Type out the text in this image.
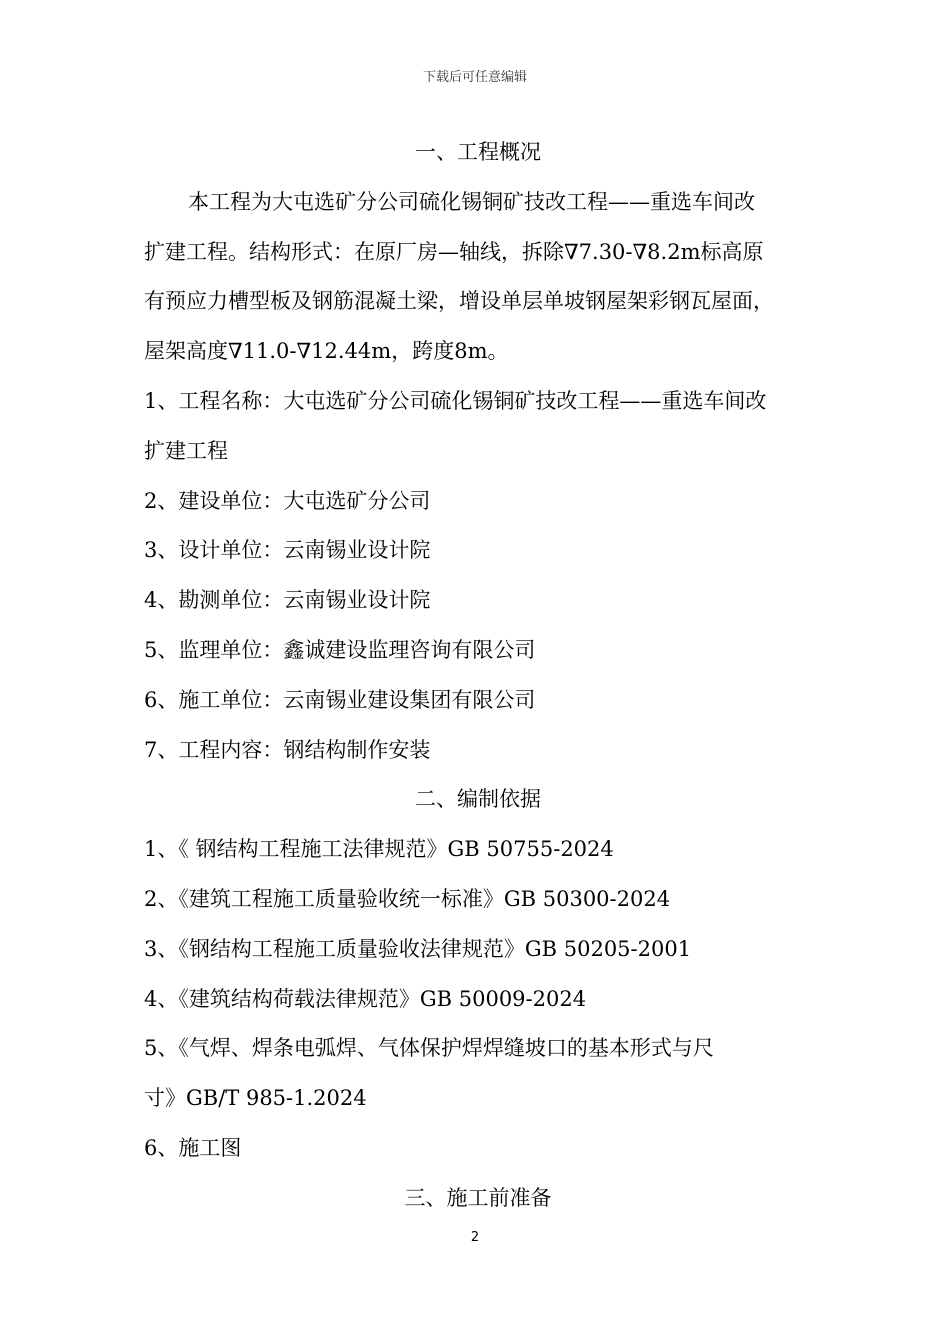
下载后可任意编辑
一、工程概况
本工程为大屯选矿分公司硫化锡铜矿技改工程——重选车间改
扩建工程。结构形式：在原厂房—轴线，拆除∇7.30-∇8.2m标高原
有预应力槽型板及钢筋混凝土梁，增设单层单坡钢屋架彩钢瓦屋面，
屋架高度∇11.0-∇12.44m，跨度8m。
1、工程名称：大屯选矿分公司硫化锡铜矿技改工程——重选车间改
扩建工程
2、建设单位：大屯选矿分公司
3、设计单位：云南锡业设计院
4、勘测单位：云南锡业设计院
5、监理单位：鑫诚建设监理咨询有限公司
6、施工单位：云南锡业建设集团有限公司
7、工程内容：钢结构制作安装
二、编制依据
1、《 钢结构工程施工法律规范》GB 50755-2024
2、《建筑工程施工质量验收统一标准》GB 50300-2024
3、《钢结构工程施工质量验收法律规范》GB 50205-2001
4、《建筑结构荷载法律规范》GB 50009-2024
5、《气焊、焊条电弧焊、气体保护焊焊缝坡口的基本形式与尺
寸》GB/T 985-1.2024
6、施工图
三、施工前准备
2
